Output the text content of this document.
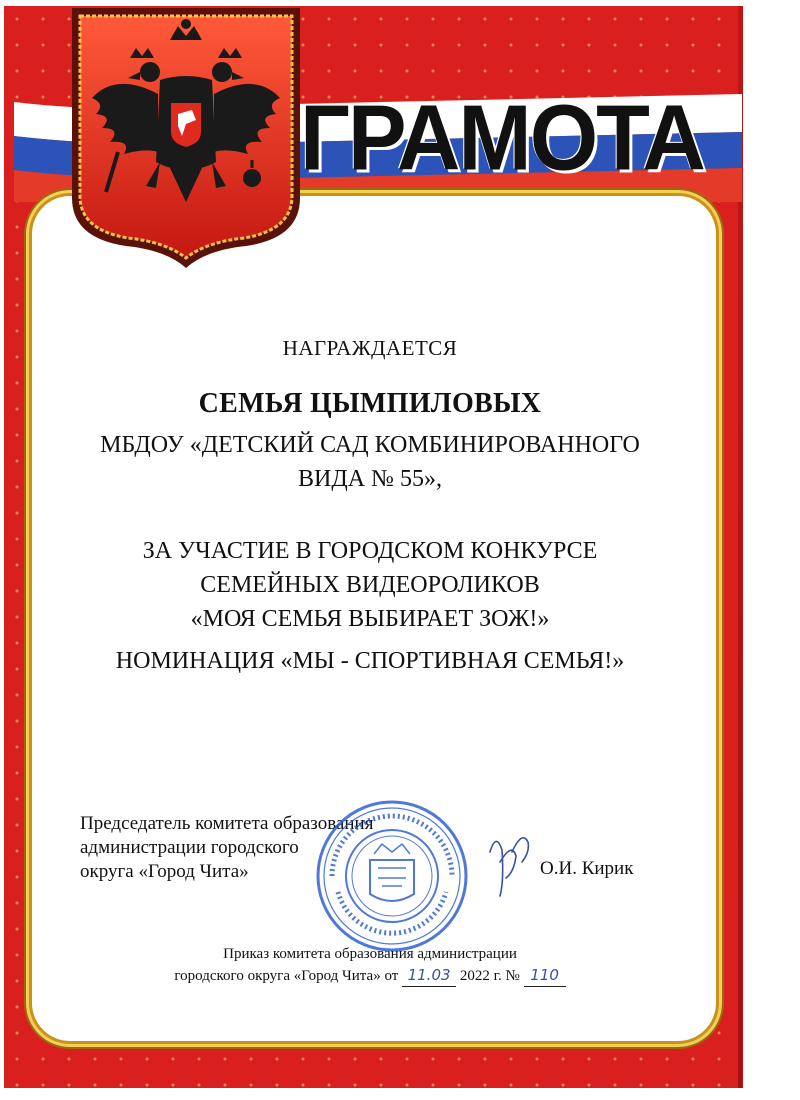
ГРАМОТА
НАГРАЖДАЕТСЯ
СЕМЬЯ ЦЫМПИЛОВЫХ
МБДОУ «ДЕТСКИЙ САД КОМБИНИРОВАННОГО
ВИДА № 55»,
ЗА УЧАСТИЕ В ГОРОДСКОМ КОНКУРСЕ
СЕМЕЙНЫХ ВИДЕОРОЛИКОВ
«МОЯ СЕМЬЯ ВЫБИРАЕТ ЗОЖ!»
НОМИНАЦИЯ «МЫ - СПОРТИВНАЯ СЕМЬЯ!»
Председатель комитета образования
администрации городского
округа «Город Чита»	О.И. Кирик
Приказ комитета образования администрации
городского округа «Город Чита» от 11.03 2022 г. № 110
